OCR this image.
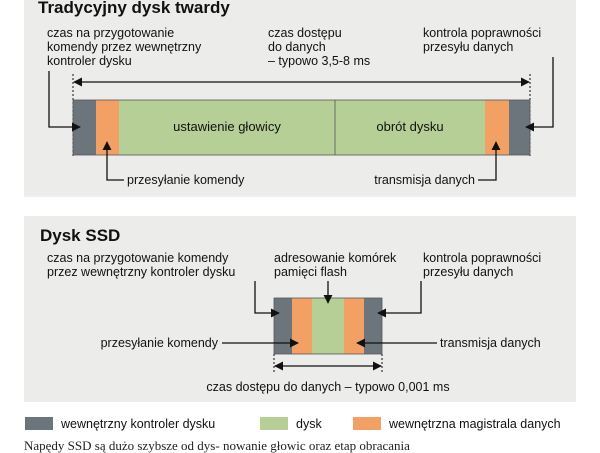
Tradycyjny dysk twardy
czas na przygotowanie
komendy przez wewnętrzny
kontroler dysku
czas dostępu
do danych
– typowo 3,5-8 ms
kontrola poprawności
przesyłu danych
ustawienie głowicy	obrót dysku
przesyłanie komendy	transmisja danych
Dysk SSD
czas na przygotowanie komendy
przez wewnętrzny kontroler dysku
adresowanie komórek
pamięci flash
kontrola poprawności
przesyłu danych
przesyłanie komendy	transmisja danych
czas dostępu do danych – typowo 0,001 ms
wewnętrzny kontroler dysku	dysk	wewnętrzna magistrala danych
Napędy SSD są dużo szybsze od dys- nowanie głowic oraz etap obracania
